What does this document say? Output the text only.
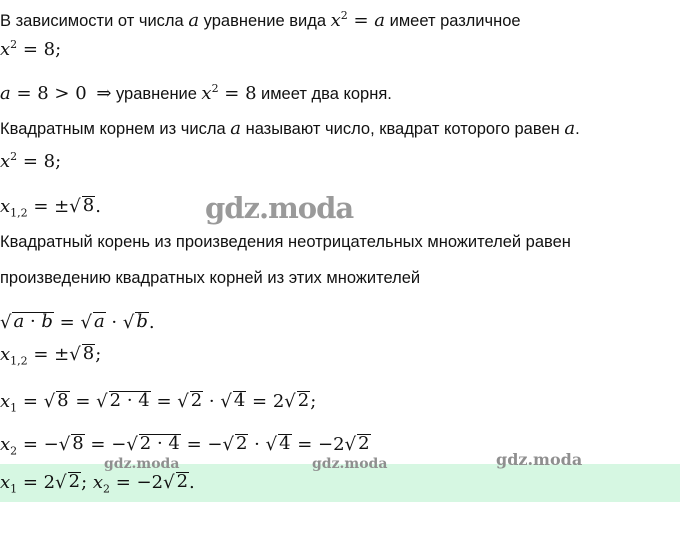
В зависимости от числа a уравнение вида $x^2 = a$ имеет различное
$x^2 = 8$;
a = 8 > 0 ⇒ уравнение $x^2 = 8$ имеет два корня.
Квадратным корнем из числа a называют число, квадрат которого равен a.
$x^2 = 8$;
$x_{1,2}$ = ± √ 8 .	gdz.moda
Квадратный корень из произведения неотрицательных множителей равен
произведению квадратных корней из этих множителей
√ a · b = √ a · √ b .
$x_{1,2}$ = ± √ 8 ;
$x_1$ = √ 8 = √ 2 · 4 = √ 2 · √ 4 = 2 √ 2 ;
$x_2$ = − √ 8 = − √ 2 · 4 = − √ 2 · √ 4 = −2 √ 2
gdz.moda	gdz.moda	gdz.moda
$x_1 = 2$ √ 2 ; $x_2 = -2$ √ 2 .
